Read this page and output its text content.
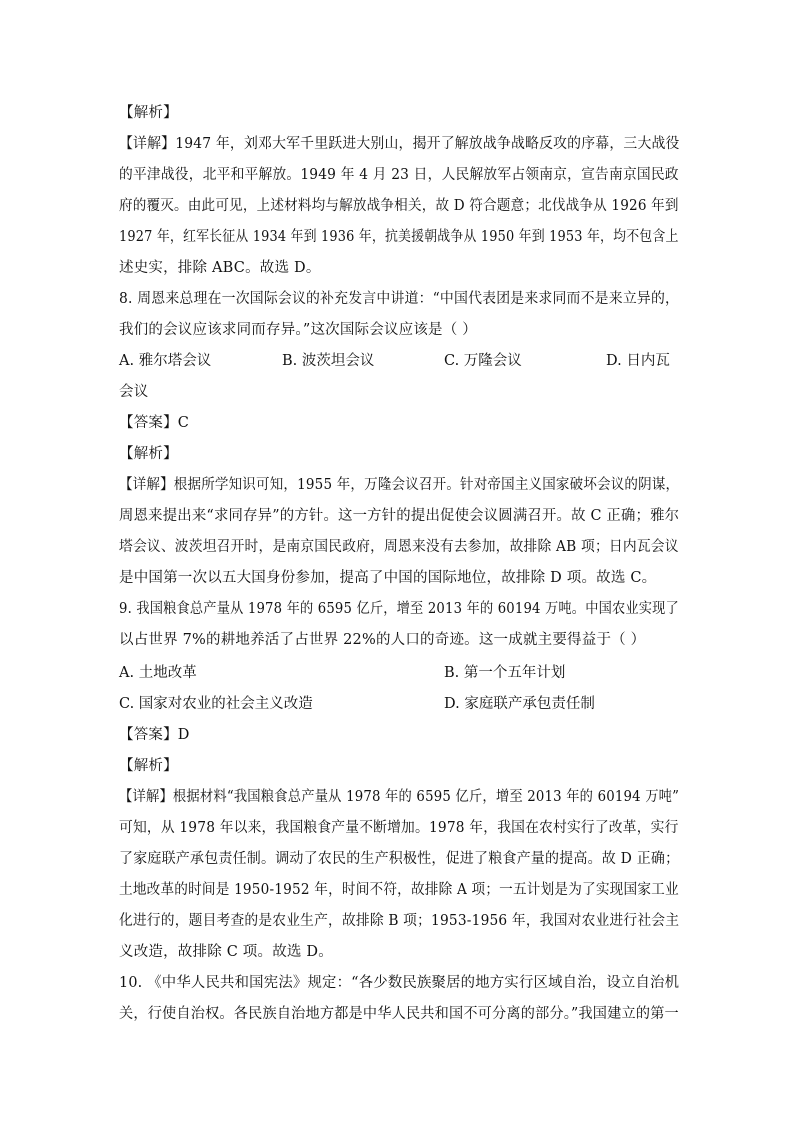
【解析】
【详解】1947 年，刘邓大军千里跃进大别山，揭开了解放战争战略反攻的序幕，三大战役
的平津战役，北平和平解放。1949 年 4 月 23 日，人民解放军占领南京，宣告南京国民政
府的覆灭。由此可见，上述材料均与解放战争相关，故 D 符合题意；北伐战争从 1926 年到
1927 年，红军长征从 1934 年到 1936 年，抗美援朝战争从 1950 年到 1953 年，均不包含上
述史实，排除 ABC。故选 D。
8. 周恩来总理在一次国际会议的补充发言中讲道：“中国代表团是来求同而不是来立异的，
我们的会议应该求同而存异。”这次国际会议应该是（ ）
A. 雅尔塔会议	B. 波茨坦会议	C. 万隆会议	D. 日内瓦
会议
【答案】C
【解析】
【详解】根据所学知识可知，1955 年，万隆会议召开。针对帝国主义国家破坏会议的阴谋，
周恩来提出来“求同存异”的方针。这一方针的提出促使会议圆满召开。故 C 正确；雅尔
塔会议、波茨坦召开时，是南京国民政府，周恩来没有去参加，故排除 AB 项；日内瓦会议
是中国第一次以五大国身份参加，提高了中国的国际地位，故排除 D 项。故选 C。
9. 我国粮食总产量从 1978 年的 6595 亿斤，增至 2013 年的 60194 万吨。中国农业实现了
以占世界 7%的耕地养活了占世界 22%的人口的奇迹。这一成就主要得益于（ ）
A. 土地改革	B. 第一个五年计划
C. 国家对农业的社会主义改造	D. 家庭联产承包责任制
【答案】D
【解析】
【详解】根据材料“我国粮食总产量从 1978 年的 6595 亿斤，增至 2013 年的 60194 万吨”
可知，从 1978 年以来，我国粮食产量不断增加。1978 年，我国在农村实行了改革，实行
了家庭联产承包责任制。调动了农民的生产积极性，促进了粮食产量的提高。故 D 正确；
土地改革的时间是 1950-1952 年，时间不符，故排除 A 项；一五计划是为了实现国家工业
化进行的，题目考查的是农业生产，故排除 B 项；1953-1956 年，我国对农业进行社会主
义改造，故排除 C 项。故选 D。
10. 《中华人民共和国宪法》规定：“各少数民族聚居的地方实行区域自治，设立自治机
关，行使自治权。各民族自治地方都是中华人民共和国不可分离的部分。”我国建立的第一
